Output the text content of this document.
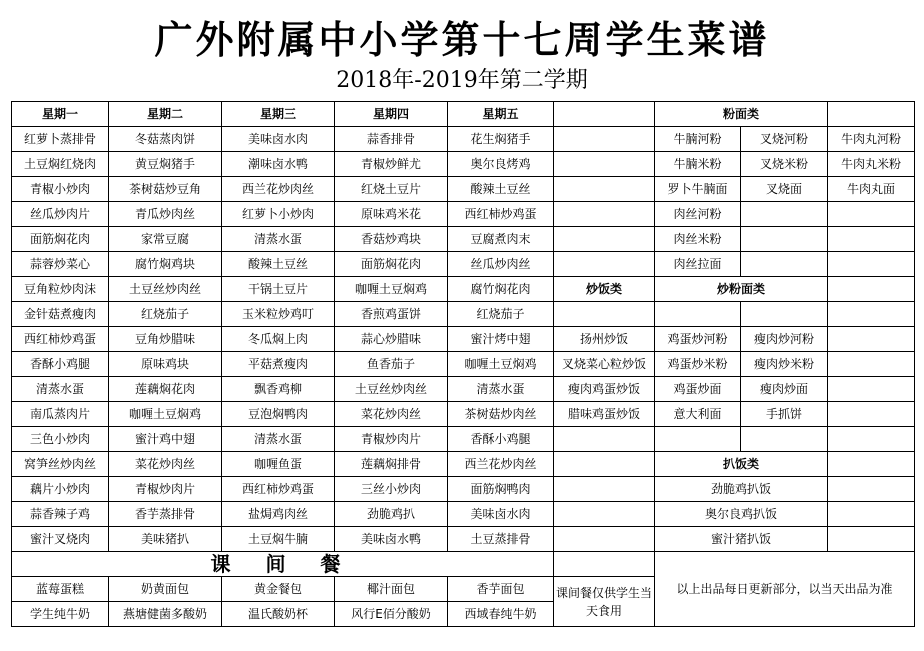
广外附属中小学第十七周学生菜谱
2018年-2019年第二学期
星期一	星期二	星期三	星期四	星期五		粉面类		
红萝卜蒸排骨	冬菇蒸肉饼	美味卤水肉	蒜香排骨	花生焖猪手		牛腩河粉	叉烧河粉	牛肉丸河粉
土豆焖红烧肉	黄豆焖猪手	潮味卤水鸭	青椒炒鲜尤	奥尔良烤鸡		牛腩米粉	叉烧米粉	牛肉丸米粉
青椒小炒肉	茶树菇炒豆角	西兰花炒肉丝	红烧土豆片	酸辣土豆丝		罗卜牛腩面	叉烧面	牛肉丸面
丝瓜炒肉片	青瓜炒肉丝	红萝卜小炒肉	原味鸡米花	西红柿炒鸡蛋		肉丝河粉		
面筋焖花肉	家常豆腐	清蒸水蛋	香菇炒鸡块	豆腐煮肉末		肉丝米粉		
蒜蓉炒菜心	腐竹焖鸡块	酸辣土豆丝	面筋焖花肉	丝瓜炒肉丝		肉丝拉面		
豆角粒炒肉沫	土豆丝炒肉丝	干锅土豆片	咖喱土豆焖鸡	腐竹焖花肉	炒饭类	炒粉面类		
金针菇煮瘦肉	红烧茄子	玉米粒炒鸡叮	香煎鸡蛋饼	红烧茄子				
西红柿炒鸡蛋	豆角炒腊味	冬瓜焖上肉	蒜心炒腊味	蜜汁烤中翅	扬州炒饭	鸡蛋炒河粉	瘦肉炒河粉	
香酥小鸡腿	原味鸡块	平菇煮瘦肉	鱼香茄子	咖喱土豆焖鸡	叉烧菜心粒炒饭	鸡蛋炒米粉	瘦肉炒米粉	
清蒸水蛋	莲藕焖花肉	飘香鸡柳	土豆丝炒肉丝	清蒸水蛋	瘦肉鸡蛋炒饭	鸡蛋炒面	瘦肉炒面	
南瓜蒸肉片	咖喱土豆焖鸡	豆泡焖鸭肉	菜花炒肉丝	茶树菇炒肉丝	腊味鸡蛋炒饭	意大利面	手抓饼	
三色小炒肉	蜜汁鸡中翅	清蒸水蛋	青椒炒肉片	香酥小鸡腿				
窝笋丝炒肉丝	菜花炒肉丝	咖喱鱼蛋	莲藕焖排骨	西兰花炒肉丝		扒饭类		
藕片小炒肉	青椒炒肉片	西红柿炒鸡蛋	三丝小炒肉	面筋焖鸭肉		劲脆鸡扒饭		
蒜香辣子鸡	香芋蒸排骨	盐焗鸡肉丝	劲脆鸡扒	美味卤水肉		奥尔良鸡扒饭		
蜜汁叉烧肉	美味猪扒	土豆焖牛腩	美味卤水鸭	土豆蒸排骨		蜜汁猪扒饭		
课 间 餐						以上出品每日更新部分，以当天出品为准		
蓝莓蛋糕	奶黄面包	黄金餐包	椰汁面包	香芋面包	课间餐仅供学生当天食用			
学生纯牛奶	燕塘健菌多酸奶	温氏酸奶杯	风行E佰分酸奶	西域春纯牛奶				
